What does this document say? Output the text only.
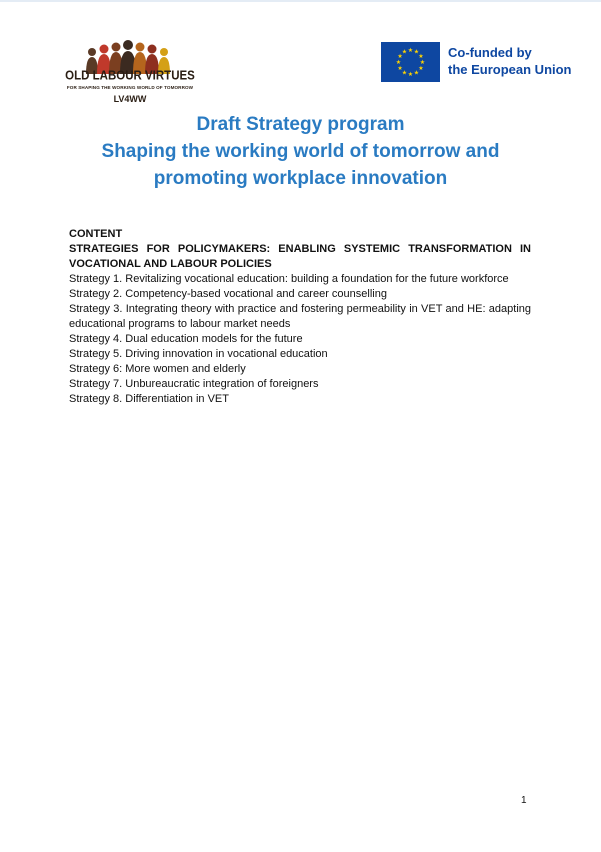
OLD LABOUR VIRTUES
FOR SHAPING THE WORKING WORLD OF TOMORROW
LV4WW
★ ★
★
★
★
★
★
★
★
★
★
★	Co-funded by
the European Union
Draft Strategy program
Shaping the working world of tomorrow and promoting workplace innovation
CONTENT
STRATEGIES FOR POLICYMAKERS: ENABLING SYSTEMIC TRANSFORMATION IN VOCATIONAL AND LABOUR POLICIES
Strategy 1. Revitalizing vocational education: building a foundation for the future workforce
Strategy 2. Competency-based vocational and career counselling
Strategy 3. Integrating theory with practice and fostering permeability in VET and HE: adapting educational programs to labour market needs
Strategy 4. Dual education models for the future
Strategy 5. Driving innovation in vocational education
Strategy 6: More women and elderly
Strategy 7. Unbureaucratic integration of foreigners
Strategy 8. Differentiation in VET
1
